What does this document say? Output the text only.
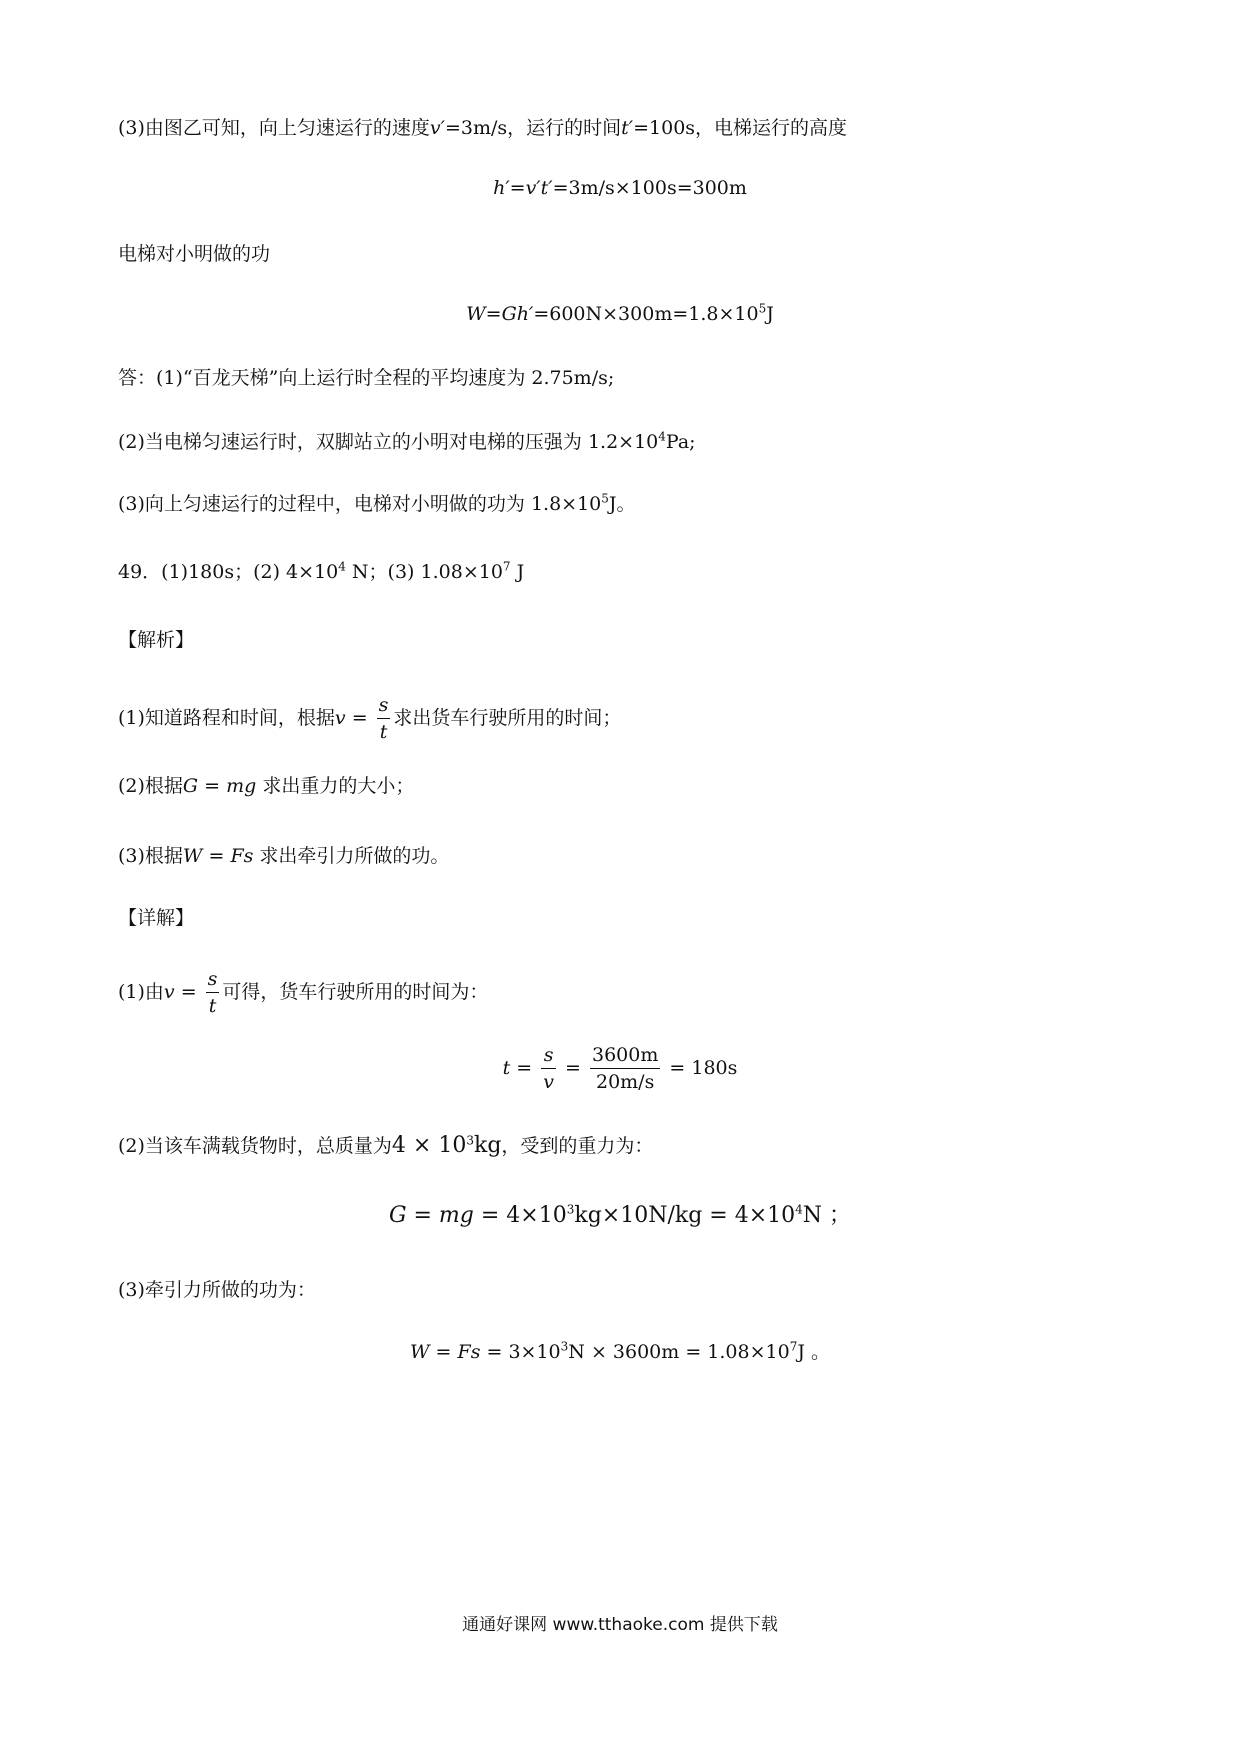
(3)由图乙可知，向上匀速运行的速度v′=3m/s，运行的时间t′=100s，电梯运行的高度
h′=v′t′=3m/s×100s=300m
电梯对小明做的功
$W=Gh'=600N\times 300m=1.8\times 10^5J$
答：(1)“百龙天梯”向上运行时全程的平均速度为 2.75m/s;
(2)当电梯匀速运行时，双脚站立的小明对电梯的压强为 $1.2\times 10^4Pa$;
(3)向上匀速运行的过程中，电梯对小明做的功为 $1.8\times 10^5J$。
49．(1)180s；(2) $4\times 10^4$ N；(3) $1.08\times 10^7$ J
【解析】
(1)知道路程和时间，根据$v = \frac{s}{t}$ 求出货车行驶所用的时间；
(2)根据G = mg 求出重力的大小；
(3)根据W = Fs 求出牵引力所做的功。
【详解】
(1)由$v = \frac{s}{t}$ 可得，货车行驶所用的时间为：
$t = \frac{s}{v} = \frac{3600m}{20m/s} = 180s$
(2)当该车满载货物时，总质量为$4 \times 10^3kg$，受到的重力为：
G = mg = $4\times 10^3kg\times 10N/kg = 4\times 10^4N$ ；
(3)牵引力所做的功为：
$W = Fs = 3\times 10^3N \times 3600m = 1.08\times 10^7J$ 。
通通好课网 www.tthaoke.com 提供下载
